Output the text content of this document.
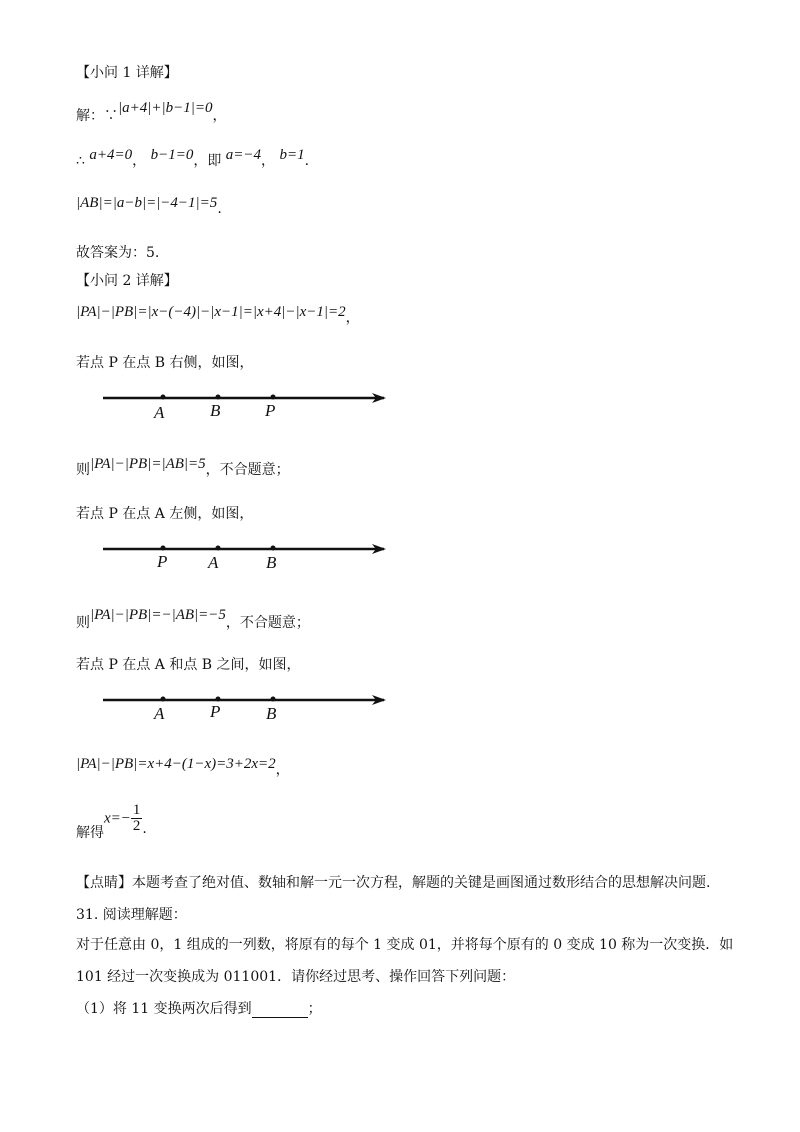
【小问 1 详解】
解：∵|a+4|+|b−1|=0，
∴ a+4=0， b−1=0，即 a=−4， b=1.
|AB|=|a−b|=|−4−1|=5.
故答案为：5.
【小问 2 详解】
|PA|−|PB|=|x−(−4)|−|x−1|=|x+4|−|x−1|=2，
若点 P 在点 B 右侧，如图，
A	B	P
则|PA|−|PB|=|AB|=5，不合题意；
若点 P 在点 A 左侧，如图，
P A	B
则|PA|−|PB|=−|AB|=−5，不合题意；
若点 P 在点 A 和点 B 之间，如图，
A	P	B
|PA|−|PB|=x+4−(1−x)=3+2x=2，
解得$x=- \frac{1}{2}$ .
【点睛】本题考查了绝对值、数轴和解一元一次方程，解题的关键是画图通过数形结合的思想解决问题.
31. 阅读理解题：
对于任意由 0，1 组成的一列数，将原有的每个 1 变成 01，并将每个原有的 0 变成 10 称为一次变换．如
101 经过一次变换成为 011001．请你经过思考、操作回答下列问题：
（1）将 11 变换两次后得到	；
